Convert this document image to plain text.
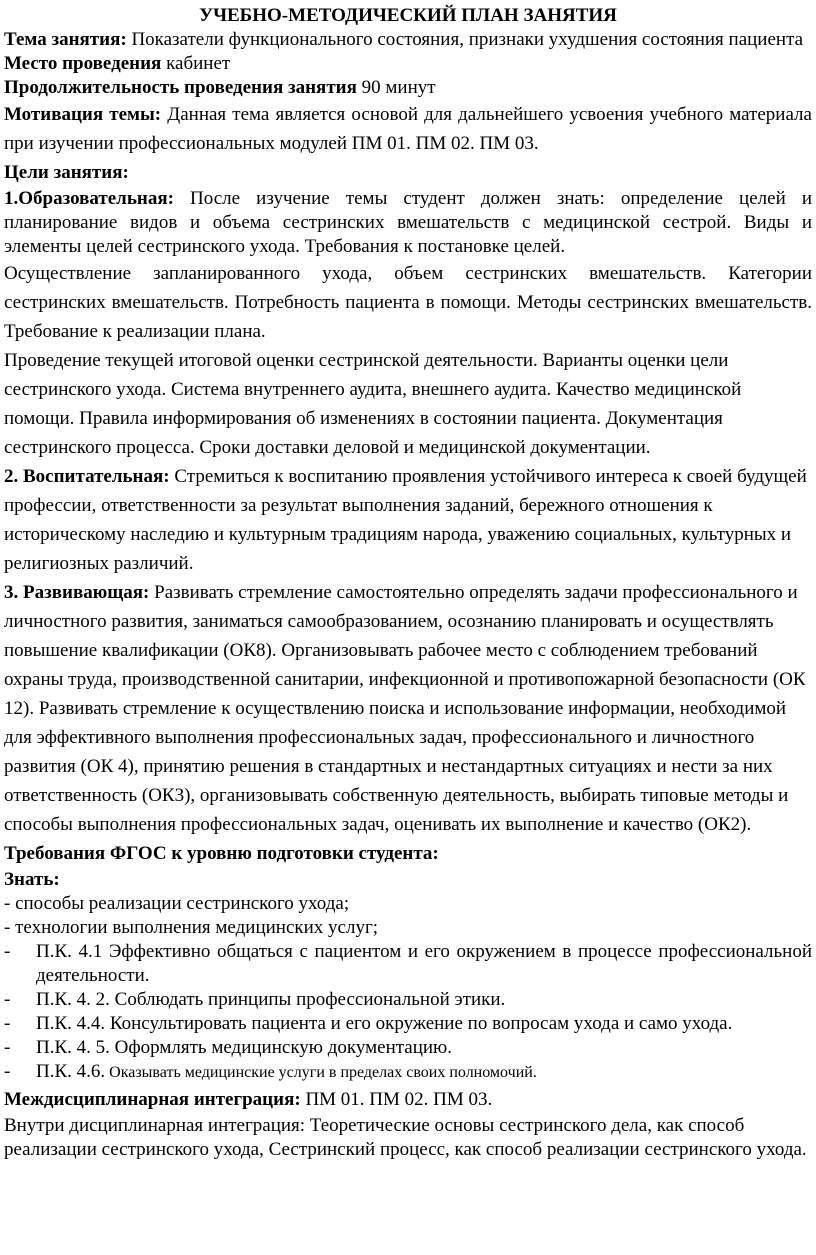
УЧЕБНО-МЕТОДИЧЕСКИЙ ПЛАН ЗАНЯТИЯ

Тема занятия: Показатели функционального состояния, признаки ухудшения состояния пациента

Место проведения кабинет

Продолжительность проведения занятия 90 минут

Мотивация темы: Данная тема является основой для дальнейшего усвоения учебного материала при изучении профессиональных модулей ПМ 01. ПМ 02. ПМ 03.

Цели занятия:

1.Образовательная: После изучение темы студент должен знать: определение целей и планирование видов и объема сестринских вмешательств с медицинской сестрой. Виды и элементы целей сестринского ухода. Требования к постановке целей.

Осуществление запланированного ухода, объем сестринских вмешательств. Категории сестринских вмешательств. Потребность пациента в помощи. Методы сестринских вмешательств. Требование к реализации плана.

Проведение текущей итоговой оценки сестринской деятельности. Варианты оценки цели сестринского ухода. Система внутреннего аудита, внешнего аудита. Качество медицинской помощи. Правила информирования об изменениях в состоянии пациента. Документация сестринского процесса. Сроки доставки деловой и медицинской документации.

2. Воспитательная: Стремиться к воспитанию проявления устойчивого интереса к своей будущей профессии, ответственности за результат выполнения заданий, бережного отношения к историческому наследию и культурным традициям народа, уважению социальных, культурных и религиозных различий.

3. Развивающая: Развивать стремление самостоятельно определять задачи профессионального и личностного развития, заниматься самообразованием, осознанию планировать и осуществлять повышение квалификации (ОК8). Организовывать рабочее место с соблюдением требований охраны труда, производственной санитарии, инфекционной и противопожарной безопасности (ОК 12). Развивать стремление к осуществлению поиска и использование информации, необходимой для эффективного выполнения профессиональных задач, профессионального и личностного развития (ОК 4), принятию решения в стандартных и нестандартных ситуациях и нести за них ответственность (ОК3), организовывать собственную деятельность, выбирать типовые методы и способы выполнения профессиональных задач, оценивать их выполнение и качество (ОК2).

Требования ФГОС к уровню подготовки студента:

Знать:

- способы реализации сестринского ухода;

- технологии выполнения медицинских услуг;

- П.К. 4.1 Эффективно общаться с пациентом и его окружением в процессе профессиональной деятельности.
- П.К. 4. 2. Соблюдать принципы профессиональной этики.
- П.К. 4.4. Консультировать пациента и его окружение по вопросам ухода и само ухода.
- П.К. 4. 5. Оформлять медицинскую документацию.
- П.К. 4.6. Оказывать медицинские услуги в пределах своих полномочий.

Междисциплинарная интеграция: ПМ 01. ПМ 02. ПМ 03.

Внутри дисциплинарная интеграция: Теоретические основы сестринского дела, как способ реализации сестринского ухода, Сестринский процесс, как способ реализации сестринского ухода.
